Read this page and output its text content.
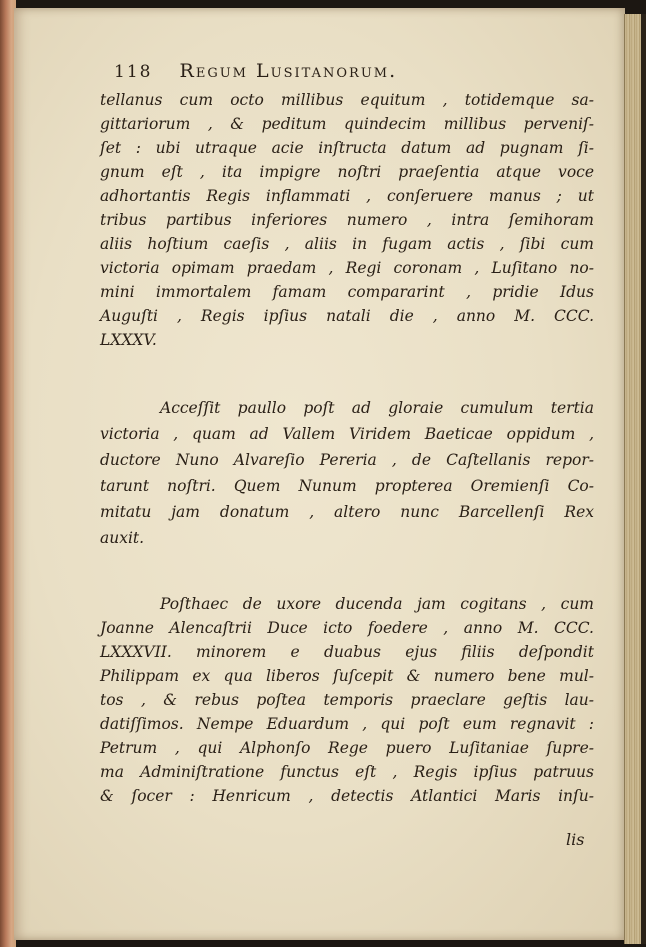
118 Regum Lusitanorum.
tellanus cum octo millibus equitum , totidemque sa-
gittariorum , & peditum quindecim millibus perveniſ-
ſet : ubi utraque acie inſtructa datum ad pugnam ſi-
gnum eſt , ita impigre noſtri praeſentia atque voce
adhortantis Regis inflammati , conſeruere manus ; ut
tribus partibus inferiores numero , intra ſemihoram
aliis hoſtium caeſis , aliis in fugam actis , ſibi cum
victoria opimam praedam , Regi coronam , Luſitano no-
mini immortalem famam compararint , pridie Idus
Auguſti , Regis ipſius natali die , anno M. CCC.
LXXXV.
Acceſſit paullo poſt ad gloraie cumulum tertia
victoria , quam ad Vallem Viridem Baeticae oppidum ,
ductore Nuno Alvareſio Pereria , de Caſtellanis repor-
tarunt noſtri. Quem Nunum propterea Oremienſi Co-
mitatu jam donatum , altero nunc Barcellenſi Rex
auxit.
Poſthaec de uxore ducenda jam cogitans , cum
Joanne Alencaſtrii Duce icto foedere , anno M. CCC.
LXXXVII. minorem e duabus ejus filiis deſpondit
Philippam ex qua liberos ſuſcepit & numero bene mul-
tos , & rebus poſtea temporis praeclare geſtis lau-
datiſſimos. Nempe Eduardum , qui poſt eum regnavit :
Petrum , qui Alphonſo Rege puero Luſitaniae ſupre-
ma Adminiſtratione functus eſt , Regis ipſius patruus
& ſocer : Henricum , detectis Atlantici Maris inſu-
lis
